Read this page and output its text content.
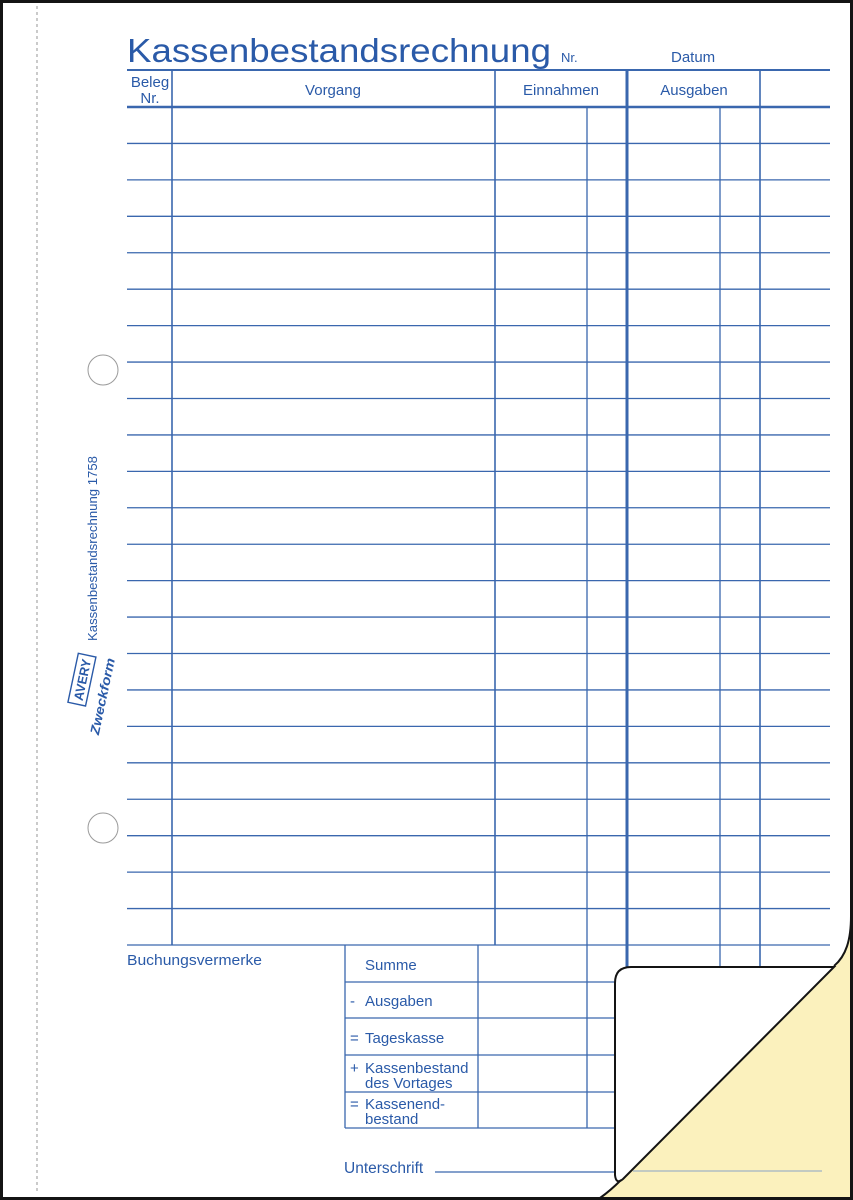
Kassenbestandsrechnung 1758
AVERY
Zweckform
Kassenbestandsrechnung Nr.	Datum
Beleg
Nr.	Vorgang	Einnahmen	Ausgaben
Buchungsvermerke	Summe
- Ausgaben
= Tageskasse
+ Kassenbestand
des Vortages
= Kassenend-
bestand
Unterschrift
